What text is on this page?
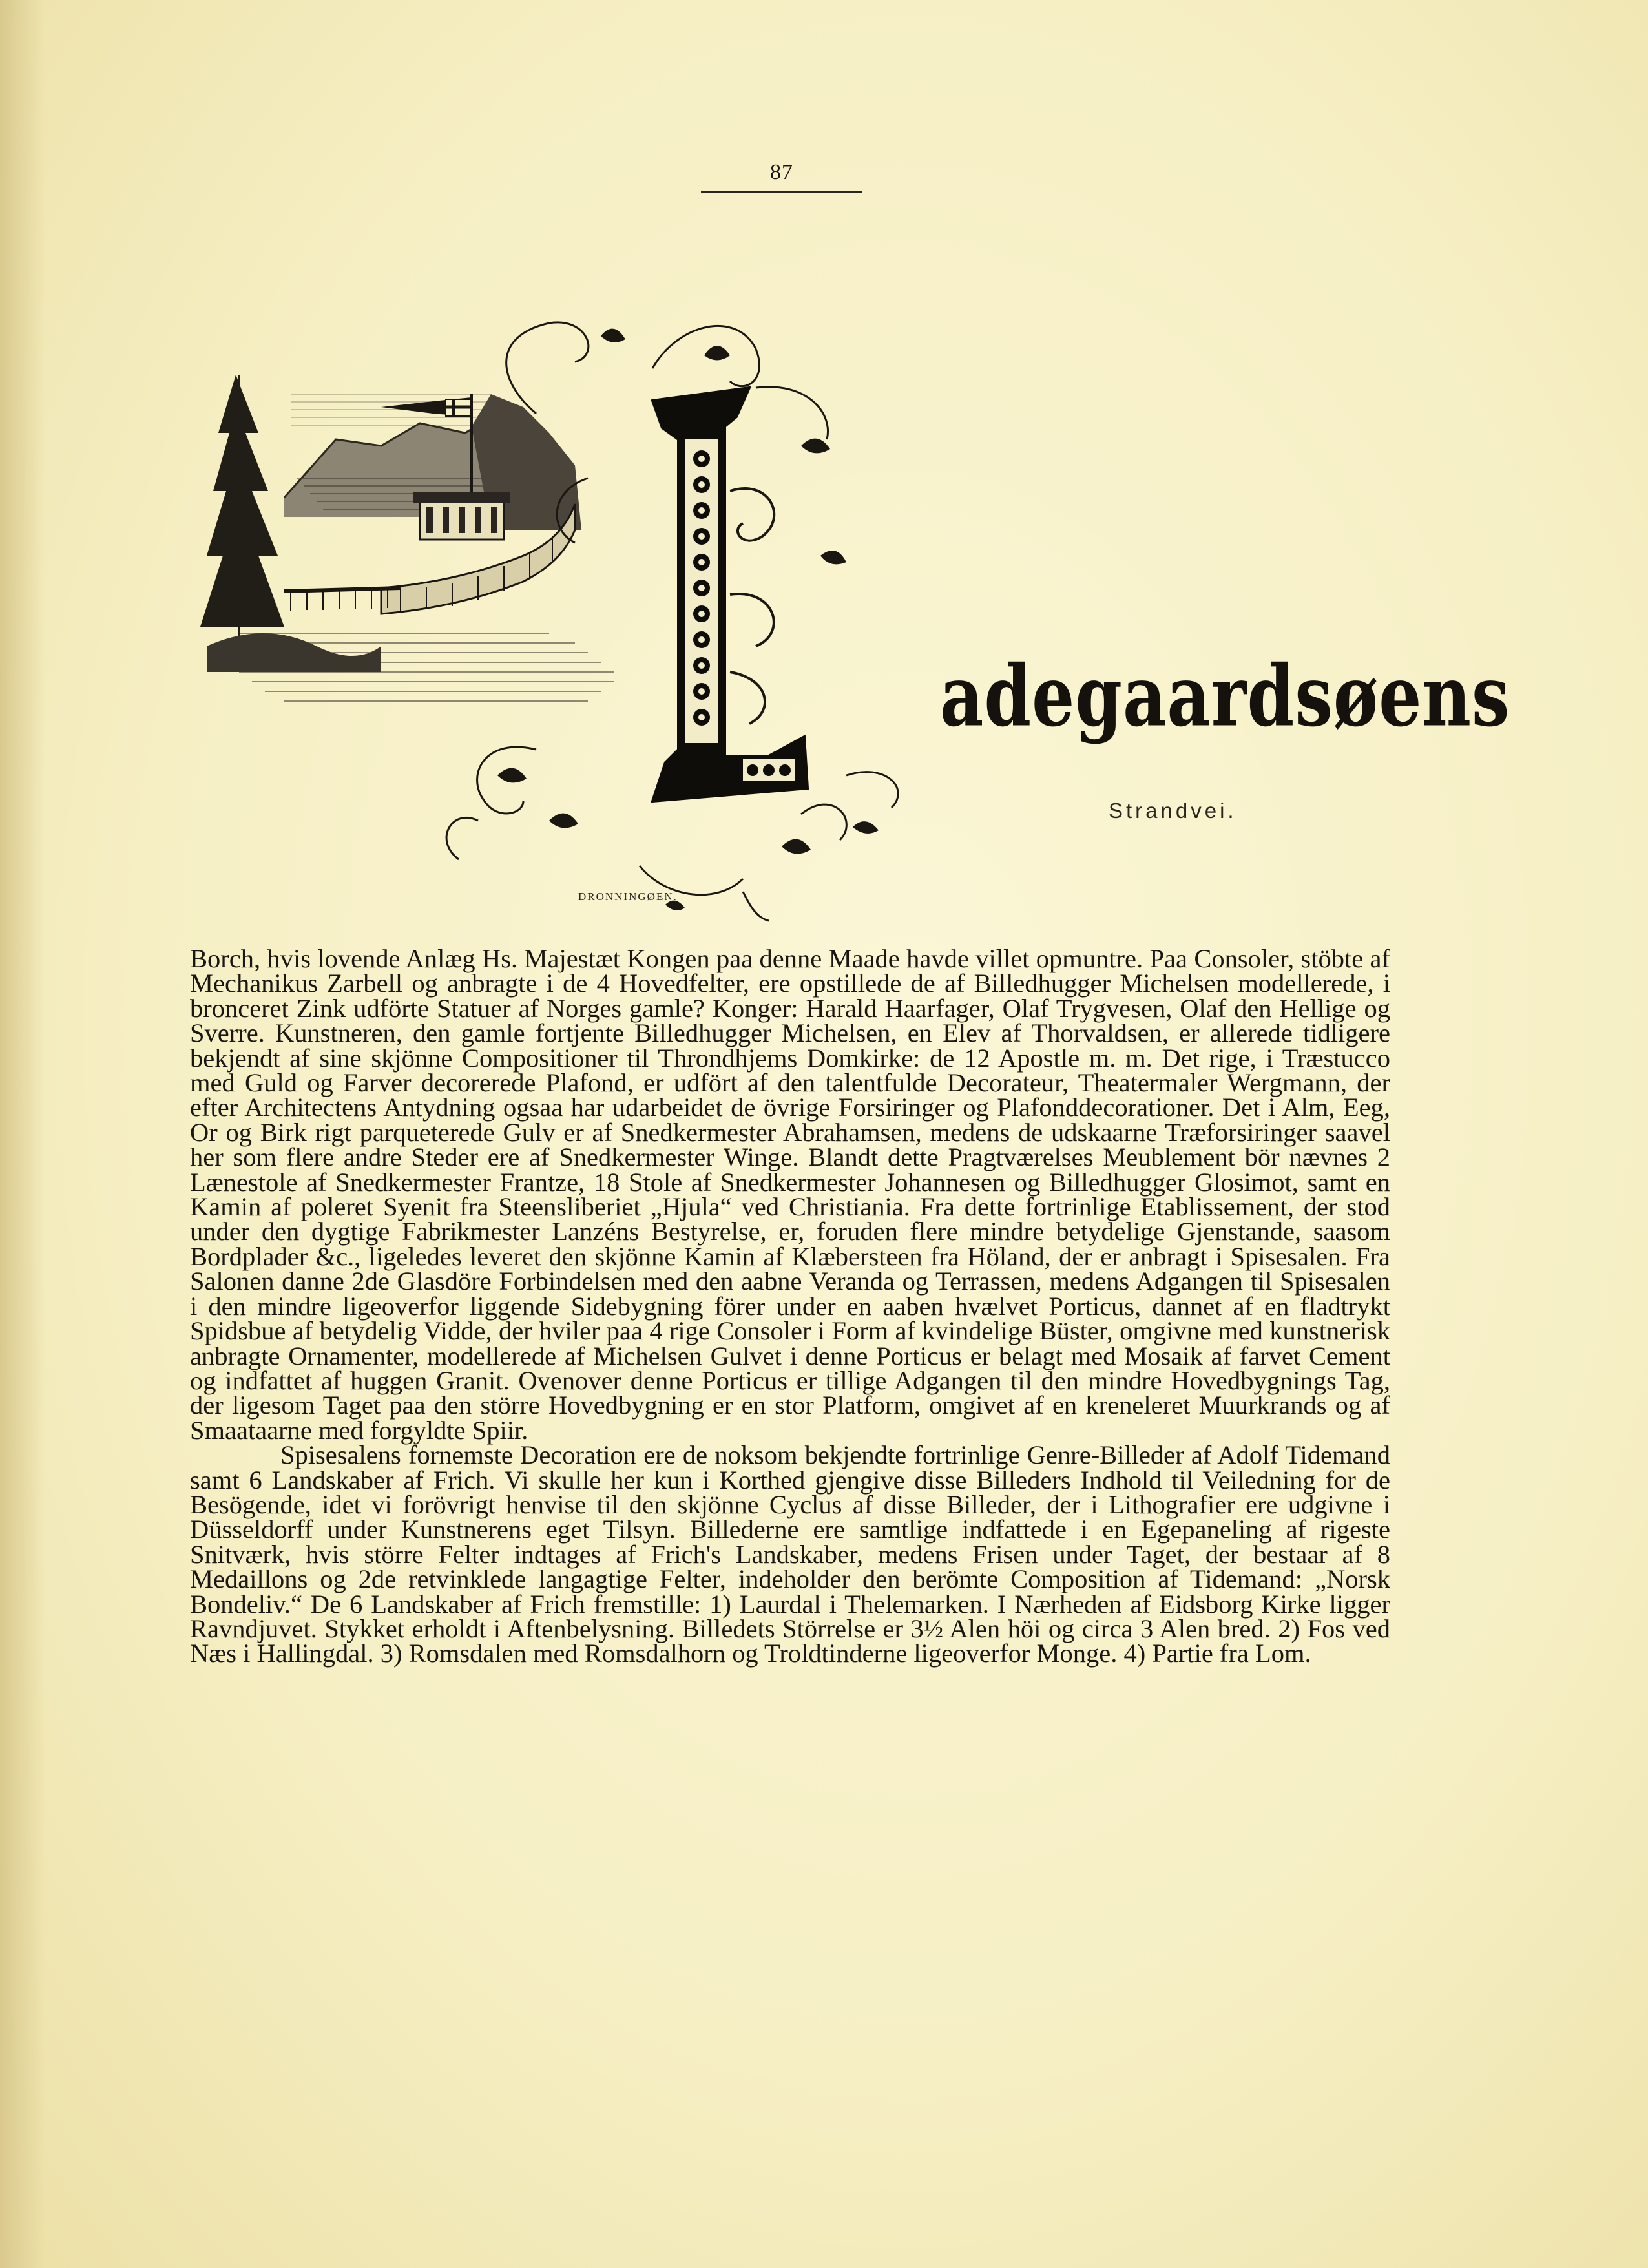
87
adegaardsøens
Strandvei.
DRONNINGØEN.

Borch, hvis lovende Anlæg Hs. Majestæt Kongen paa denne Maade havde villet opmuntre. Paa Consoler, stöbte af Mechanikus Zarbell og anbragte i de 4 Hovedfelter, ere opstillede de af Billedhugger Michelsen modellerede, i bronceret Zink udförte Statuer af Norges gamle? Konger: Harald Haarfager, Olaf Trygvesen, Olaf den Hellige og Sverre. Kunstneren, den gamle fortjente Billedhugger Michelsen, en Elev af Thorvaldsen, er allerede tidligere bekjendt af sine skjönne Compositioner til Throndhjems Domkirke: de 12 Apostle m. m. Det rige, i Træstucco med Guld og Farver decorerede Plafond, er udfört af den talentfulde Decorateur, Theatermaler Wergmann, der efter Architectens Antydning ogsaa har udarbeidet de övrige Forsiringer og Plafonddecorationer. Det i Alm, Eeg, Or og Birk rigt parqueterede Gulv er af Snedkermester Abrahamsen, medens de udskaarne Træforsiringer saavel her som flere andre Steder ere af Snedkermester Winge. Blandt dette Pragtværelses Meublement bör nævnes 2 Lænestole af Snedkermester Frantze, 18 Stole af Snedkermester Johannesen og Billedhugger Glosimot, samt en Kamin af poleret Syenit fra Steensliberiet „Hjula“ ved Christiania. Fra dette fortrinlige Etablissement, der stod under den dygtige Fabrikmester Lanzéns Bestyrelse, er, foruden flere mindre betydelige Gjenstande, saasom Bordplader &c., ligeledes leveret den skjönne Kamin af Klæbersteen fra Höland, der er anbragt i Spisesalen. Fra Salonen danne 2de Glasdöre Forbindelsen med den aabne Veranda og Terrassen, medens Adgangen til Spisesalen i den mindre ligeoverfor liggende Sidebygning förer under en aaben hvælvet Porticus, dannet af en fladtrykt Spidsbue af betydelig Vidde, der hviler paa 4 rige Consoler i Form af kvindelige Büster, omgivne med kunstnerisk anbragte Ornamenter, modellerede af Michelsen Gulvet i denne Porticus er belagt med Mosaik af farvet Cement og indfattet af huggen Granit. Ovenover denne Porticus er tillige Adgangen til den mindre Hovedbygnings Tag, der ligesom Taget paa den större Hovedbygning er en stor Platform, omgivet af en kreneleret Muurkrands og af Smaataarne med forgyldte Spiir.

Spisesalens fornemste Decoration ere de noksom bekjendte fortrinlige Genre-Billeder af Adolf Tidemand samt 6 Landskaber af Frich. Vi skulle her kun i Korthed gjengive disse Billeders Indhold til Veiledning for de Besögende, idet vi forövrigt henvise til den skjönne Cyclus af disse Billeder, der i Lithografier ere udgivne i Düsseldorff under Kunstnerens eget Tilsyn. Billederne ere samtlige indfattede i en Egepaneling af rigeste Snitværk, hvis större Felter indtages af Frich's Landskaber, medens Frisen under Taget, der bestaar af 8 Medaillons og 2de retvinklede langagtige Felter, indeholder den berömte Composition af Tidemand: „Norsk Bondeliv.“ De 6 Landskaber af Frich fremstille: 1) Laurdal i Thelemarken. I Nærheden af Eidsborg Kirke ligger Ravndjuvet. Stykket erholdt i Aftenbelysning. Billedets Störrelse er 3½ Alen höi og circa 3 Alen bred. 2) Fos ved Næs i Hallingdal. 3) Romsdalen med Romsdalhorn og Troldtinderne ligeoverfor Monge. 4) Partie fra Lom.
